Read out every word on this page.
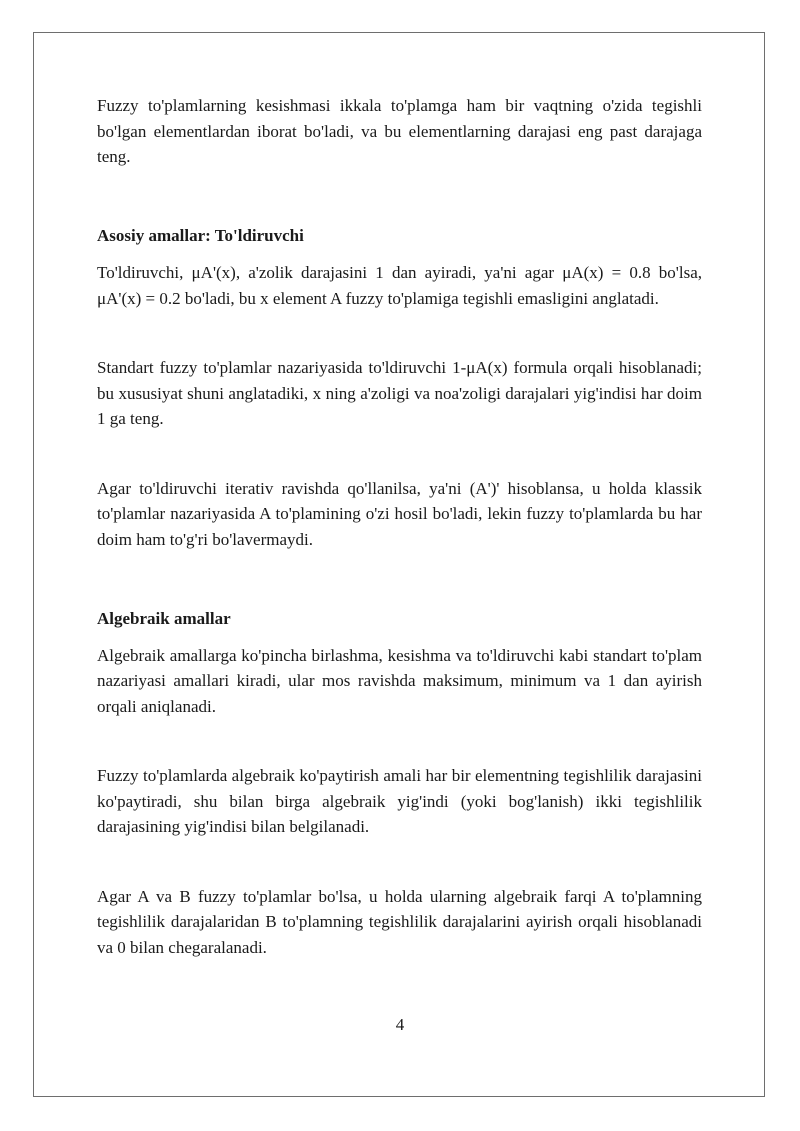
Fuzzy to'plamlarning kesishmasi ikkala to'plamga ham bir vaqtning o'zida tegishli bo'lgan elementlardan iborat bo'ladi, va bu elementlarning darajasi eng past darajaga teng.

Asosiy amallar: To'ldiruvchi

To'ldiruvchi, μA'(x), a'zolik darajasini 1 dan ayiradi, ya'ni agar μA(x) = 0.8 bo'lsa, μA'(x) = 0.2 bo'ladi, bu x element A fuzzy to'plamiga tegishli emasligini anglatadi.

Standart fuzzy to'plamlar nazariyasida to'ldiruvchi 1-μA(x) formula orqali hisoblanadi; bu xususiyat shuni anglatadiki, x ning a'zoligi va noa'zoligi darajalari yig'indisi har doim 1 ga teng.

Agar to'ldiruvchi iterativ ravishda qo'llanilsa, ya'ni (A')' hisoblansa, u holda klassik to'plamlar nazariyasida A to'plamining o'zi hosil bo'ladi, lekin fuzzy to'plamlarda bu har doim ham to'g'ri bo'lavermaydi.

Algebraik amallar

Algebraik amallarga ko'pincha birlashma, kesishma va to'ldiruvchi kabi standart to'plam nazariyasi amallari kiradi, ular mos ravishda maksimum, minimum va 1 dan ayirish orqali aniqlanadi.

Fuzzy to'plamlarda algebraik ko'paytirish amali har bir elementning tegishlilik darajasini ko'paytiradi, shu bilan birga algebraik yig'indi (yoki bog'lanish) ikki tegishlilik darajasining yig'indisi bilan belgilanadi.

Agar A va B fuzzy to'plamlar bo'lsa, u holda ularning algebraik farqi A to'plamning tegishlilik darajalaridan B to'plamning tegishlilik darajalarini ayirish orqali hisoblanadi va 0 bilan chegaralanadi.

4
